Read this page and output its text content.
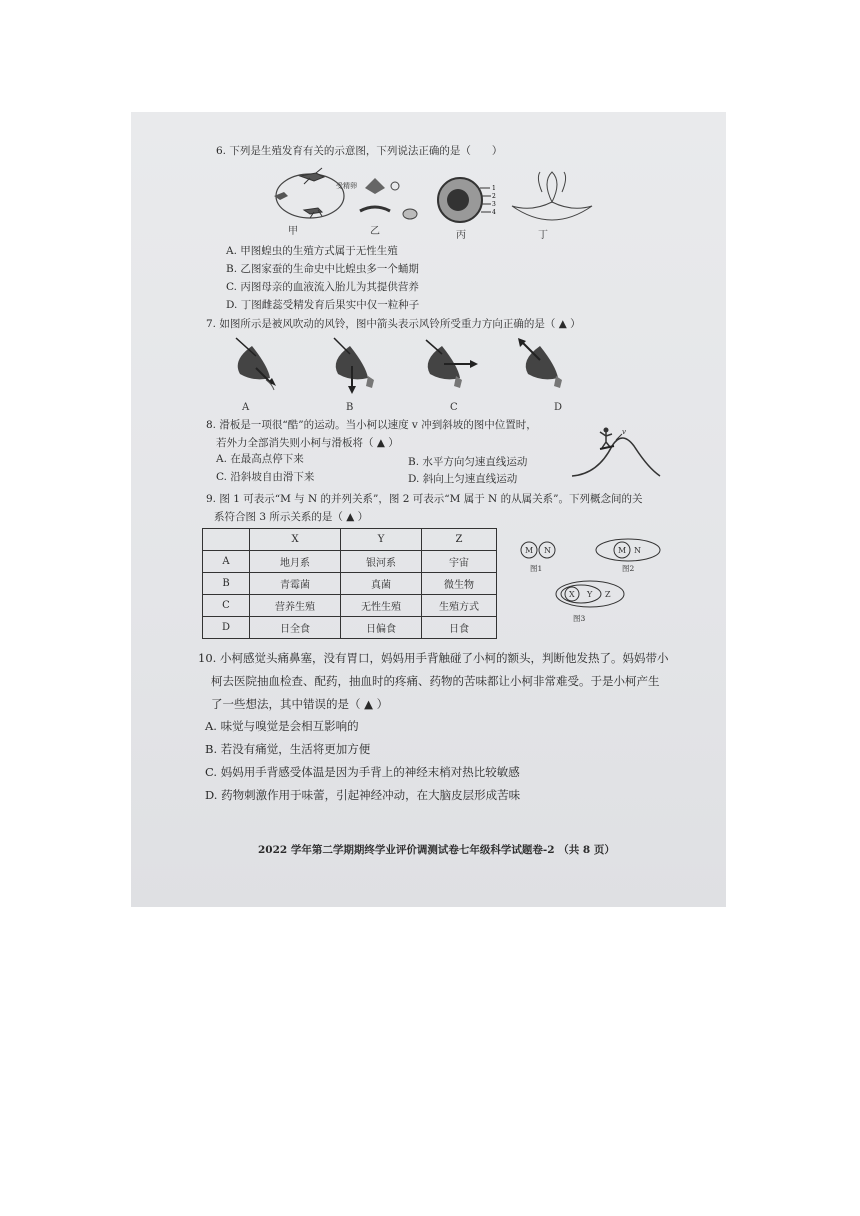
6. 下列是生殖发育有关的示意图，下列说法正确的是（　　）
受精卵	1
2
3
4
甲	乙	丙	丁
A. 甲图蝗虫的生殖方式属于无性生殖
B. 乙图家蚕的生命史中比蝗虫多一个蛹期
C. 丙图母亲的血液流入胎儿为其提供营养
D. 丁图雌蕊受精发育后果实中仅一粒种子
7. 如图所示是被风吹动的风铃，图中箭头表示风铃所受重力方向正确的是（ ▲ ）
A	B	C	D
8. 滑板是一项很“酷”的运动。当小柯以速度 v 冲到斜坡的图中位置时，
若外力全部消失则小柯与滑板将（ ▲ ）
A. 在最高点停下来	B. 水平方向匀速直线运动
C. 沿斜坡自由滑下来	D. 斜向上匀速直线运动
v
9. 图 1 可表示“M 与 N 的并列关系”，图 2 可表示“M 属于 N 的从属关系”。下列概念间的关
系符合图 3 所示关系的是（ ▲ ）
	X	Y	Z
A	地月系	银河系	宇宙
B	青霉菌	真菌	微生物
C	营养生殖	无性生殖	生殖方式
D	日全食	日偏食	日食
M N
图1
M N
图2
X Y Z
图3
10. 小柯感觉头痛鼻塞，没有胃口，妈妈用手背触碰了小柯的额头，判断他发热了。妈妈带小
柯去医院抽血检查、配药，抽血时的疼痛、药物的苦味都让小柯非常难受。于是小柯产生
了一些想法，其中错误的是（ ▲ ）
A. 味觉与嗅觉是会相互影响的
B. 若没有痛觉，生活将更加方便
C. 妈妈用手背感受体温是因为手背上的神经末梢对热比较敏感
D. 药物刺激作用于味蕾，引起神经冲动，在大脑皮层形成苦味
2022 学年第二学期期终学业评价调测试卷七年级科学试题卷-2 （共 8 页）
